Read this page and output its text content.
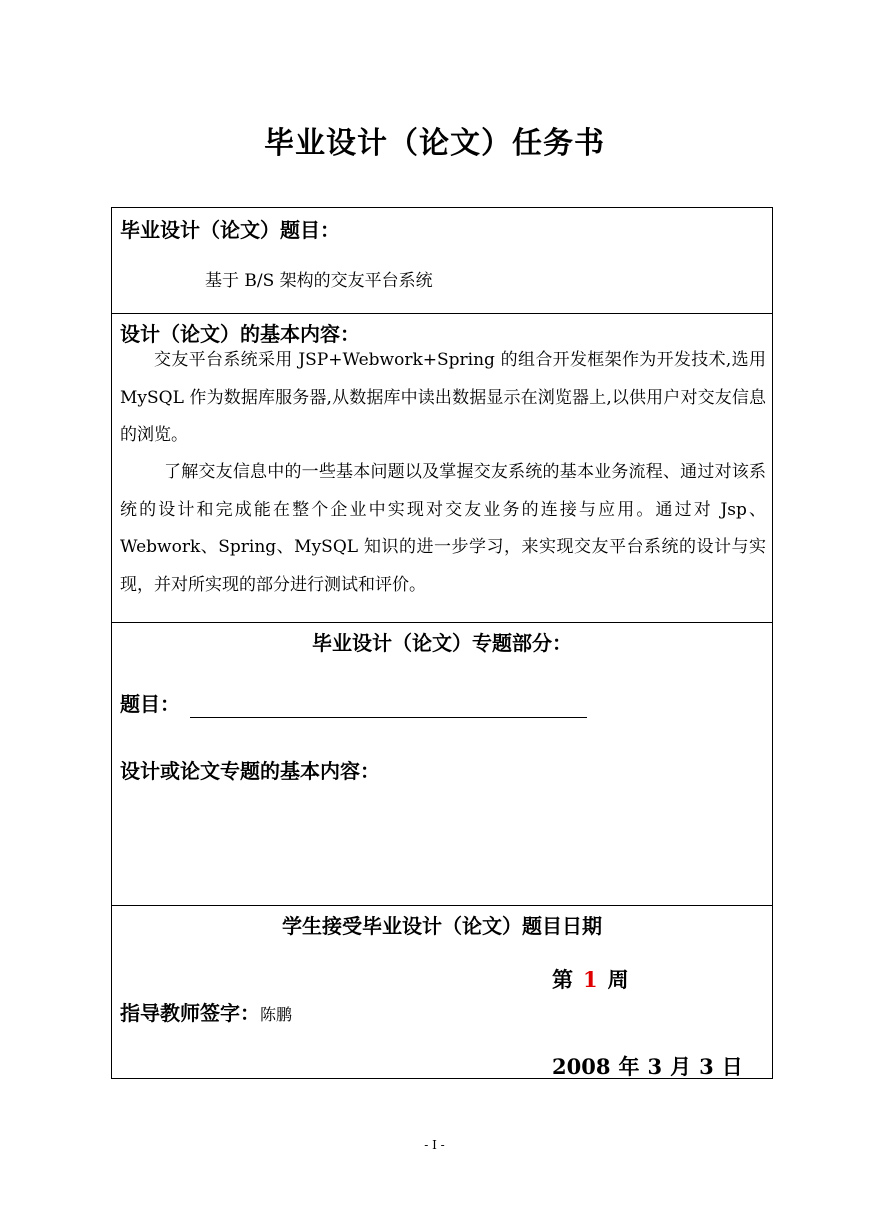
毕业设计（论文）任务书
毕业设计（论文）题目：
基于 B/S 架构的交友平台系统
设计（论文）的基本内容：

交友平台系统采用 JSP+Webwork+Spring 的组合开发框架作为开发技术,选用 MySQL 作为数据库服务器,从数据库中读出数据显示在浏览器上,以供用户对交友信息的浏览。

了解交友信息中的一些基本问题以及掌握交友系统的基本业务流程、通过对该系统的设计和完成能在整个企业中实现对交友业务的连接与应用。通过对 Jsp、Webwork、Spring、MySQL 知识的进一步学习，来实现交友平台系统的设计与实现，并对所实现的部分进行测试和评价。

毕业设计（论文）专题部分：
题目：
设计或论文专题的基本内容：
学生接受毕业设计（论文）题目日期
第 1 周
指导教师签字：陈鹏
2008 年 3 月 3 日
- I -
